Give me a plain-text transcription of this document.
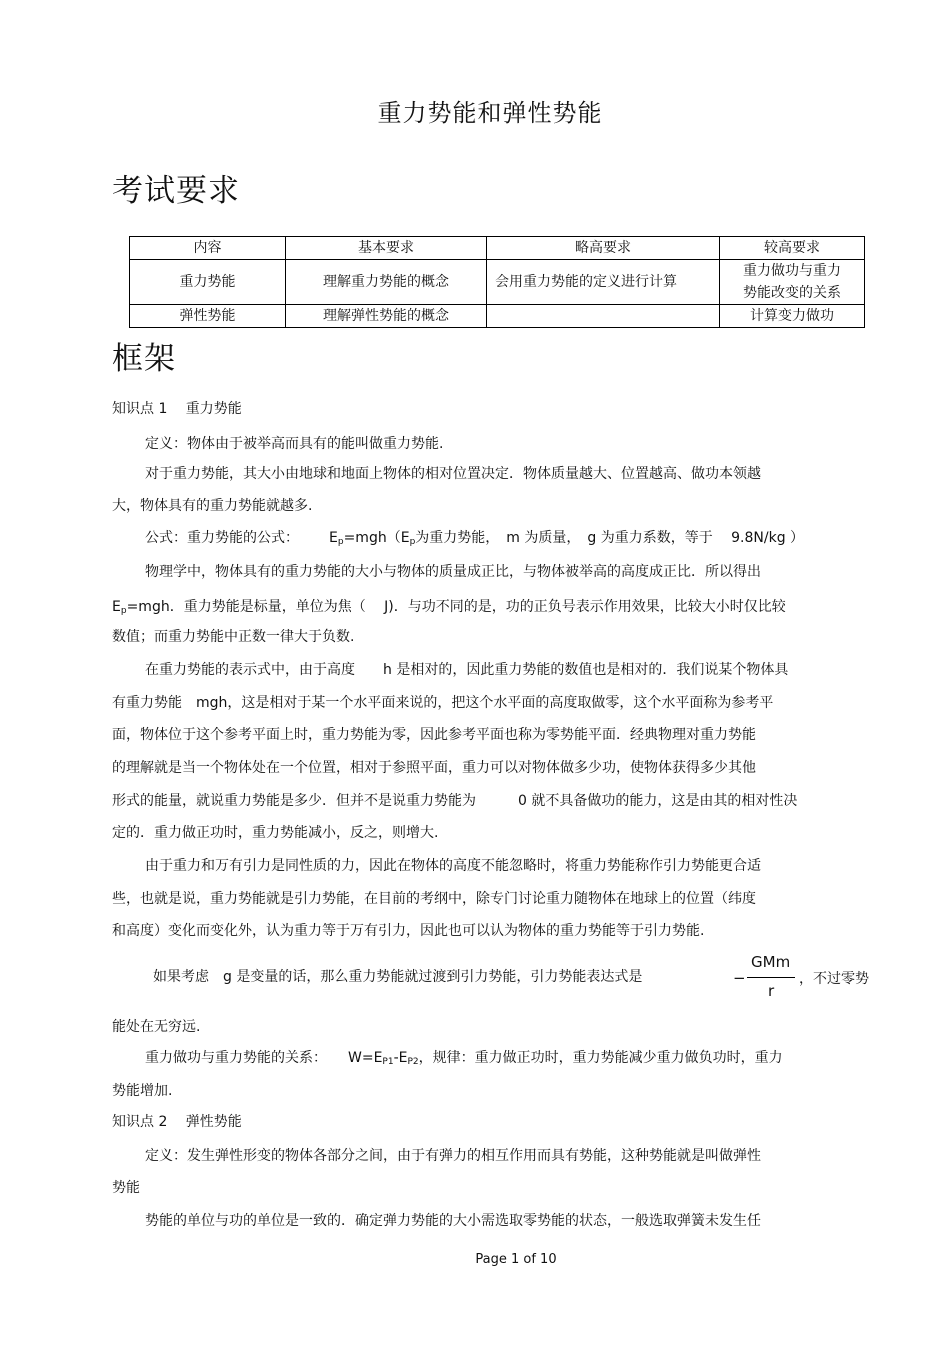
重力势能和弹性势能
考试要求
内容	基本要求	略高要求	较高要求
重力势能	理解重力势能的概念	会用重力势能的定义进行计算	重力做功与重力势能改变的关系
弹性势能	理解弹性势能的概念		计算变力做功
框架
知识点 1　 重力势能
定义：物体由于被举高而具有的能叫做重力势能.
对于重力势能，其大小由地球和地面上物体的相对位置决定．物体质量越大、位置越高、做功本领越
大，物体具有的重力势能就越多.
公式：重力势能的公式： $E_p=mgh(E_p$为重力势能，　m 为质量，　g 为重力系数，等于　 9.8N/kg ）
物理学中，物体具有的重力势能的大小与物体的质量成正比，与物体被举高的高度成正比．所以得出
$E_p=mgh$．重力势能是标量，单位为焦（　 J)．与功不同的是，功的正负号表示作用效果，比较大小时仅比较
数值；而重力势能中正数一律大于负数.
在重力势能的表示式中，由于高度　　h 是相对的，因此重力势能的数值也是相对的．我们说某个物体具
有重力势能　mgh，这是相对于某一个水平面来说的，把这个水平面的高度取做零，这个水平面称为参考平
面，物体位于这个参考平面上时，重力势能为零，因此参考平面也称为零势能平面．经典物理对重力势能
的理解就是当一个物体处在一个位置，相对于参照平面，重力可以对物体做多少功，使物体获得多少其他
形式的能量，就说重力势能是多少．但并不是说重力势能为　　　0 就不具备做功的能力，这是由其的相对性决
定的．重力做正功时，重力势能减小，反之，则增大.
由于重力和万有引力是同性质的力，因此在物体的高度不能忽略时，将重力势能称作引力势能更合适
些，也就是说，重力势能就是引力势能，在目前的考纲中，除专门讨论重力随物体在地球上的位置（纬度
和高度）变化而变化外，认为重力等于万有引力，因此也可以认为物体的重力势能等于引力势能.
如果考虑　g 是变量的话，那么重力势能就过渡到引力势能，引力势能表达式是	−
GMm
r
，不过零势
能处在无穷远.
重力做功与重力势能的关系：　　$W=E_{P1}-E_{P2}$，规律：重力做正功时，重力势能减少重力做负功时，重力
势能增加.
知识点 2　 弹性势能
定义：发生弹性形变的物体各部分之间，由于有弹力的相互作用而具有势能，这种势能就是叫做弹性
势能
势能的单位与功的单位是一致的．确定弹力势能的大小需选取零势能的状态，一般选取弹簧未发生任
Page 1 of 10
